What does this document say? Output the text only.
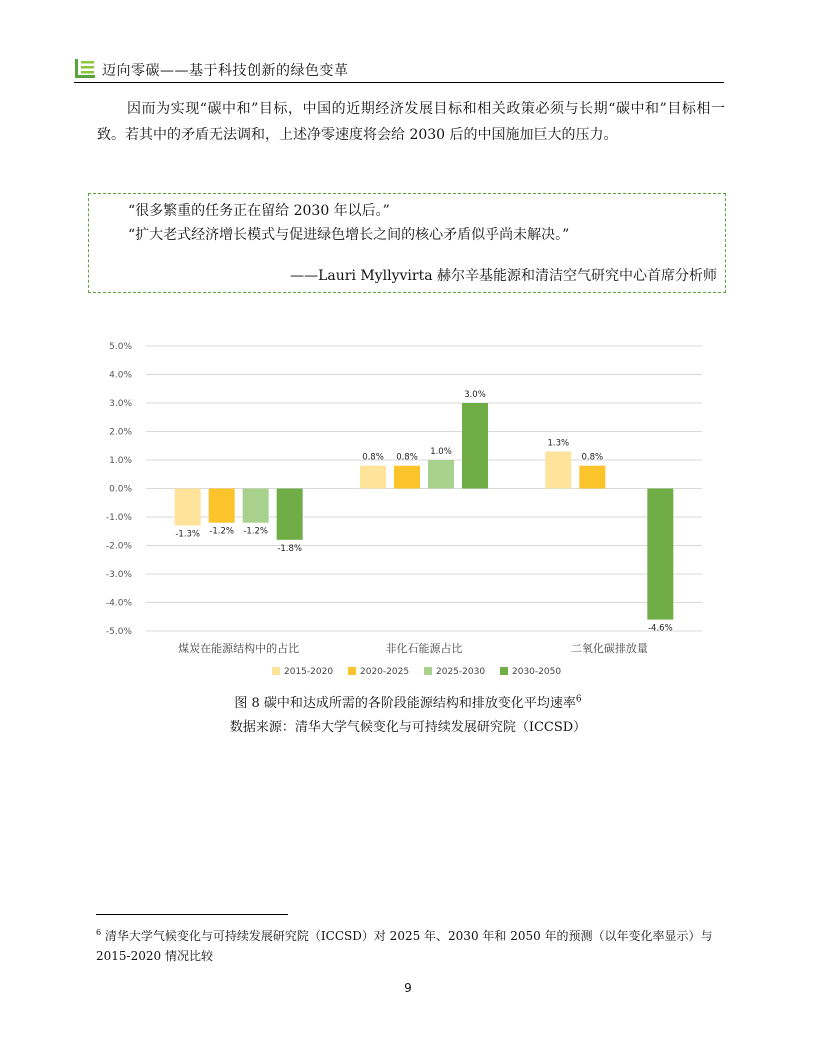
迈向零碳——基于科技创新的绿色变革

因而为实现“碳中和”目标，中国的近期经济发展目标和相关政策必须与长期“碳中和”目标相一致。若其中的矛盾无法调和，上述净零速度将会给 2030 后的中国施加巨大的压力。

“很多繁重的任务正在留给 2030 年以后。”
“扩大老式经济增长模式与促进绿色增长之间的核心矛盾似乎尚未解决。”
——Lauri Myllyvirta 赫尔辛基能源和清洁空气研究中心首席分析师
5.0%
4.0%
3.0%
2.0%
1.0%
0.0%
-1.0%
-2.0%
-3.0%
-4.0%
-5.0%
-1.3% -1.2% -1.2%
-1.8%
煤炭在能源结构中的占比
0.8% 0.8%
1.0%
3.0%
非化石能源占比
1.3%
0.8%
-4.6%
二氧化碳排放量
2015-2020	2020-2025	2025-2030	2030-2050
图 8 碳中和达成所需的各阶段能源结构和排放变化平均速率$^6$
数据来源：清华大学气候变化与可持续发展研究院（ICCSD）
$^6$ 清华大学气候变化与可持续发展研究院（ICCSD）对 2025 年、2030 年和 2050 年的预测（以年变化率显示）与 2015-2020 情况比较
9
